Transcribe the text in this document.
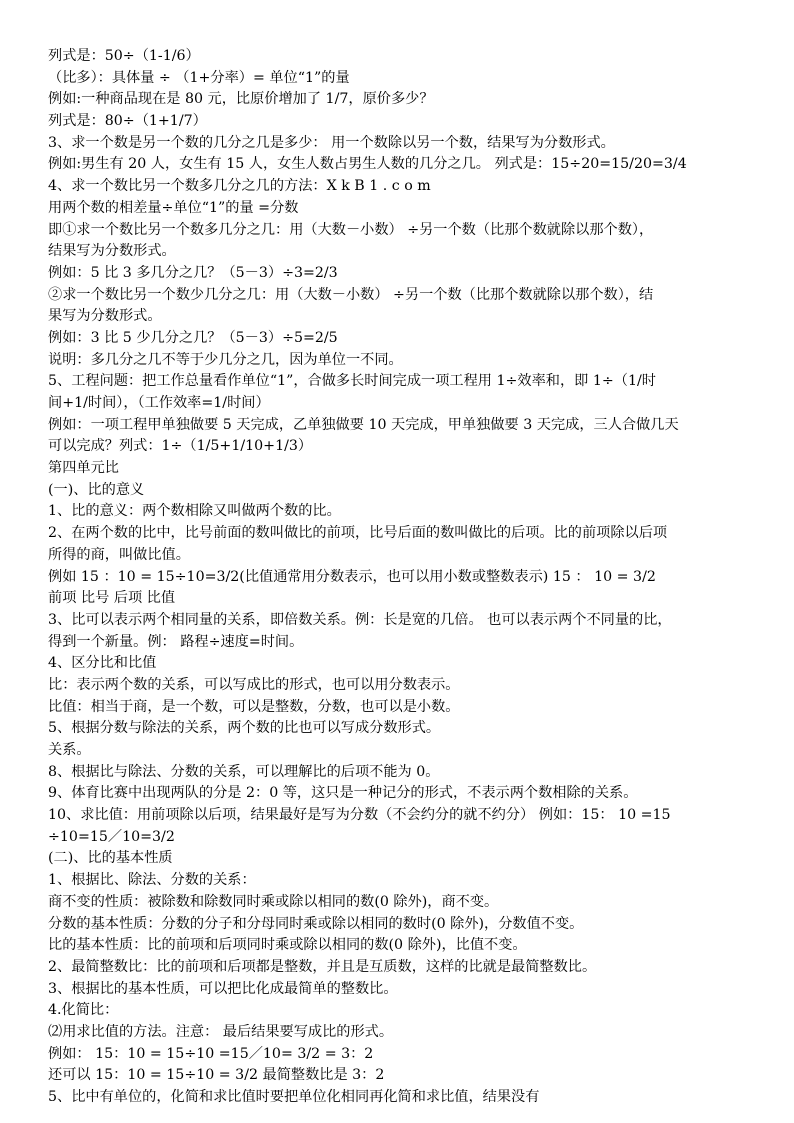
列式是：50÷（1-1/6）

（比多）：具体量 ÷ （1+分率）= 单位“1”的量

例如:一种商品现在是 80 元，比原价增加了 1/7，原价多少？

列式是：80÷（1+1/7）

3、求一个数是另一个数的几分之几是多少： 用一个数除以另一个数，结果写为分数形式。

例如:男生有 20 人，女生有 15 人，女生人数占男生人数的几分之几。 列式是：15÷20=15/20=3/4

4、求一个数比另一个数多几分之几的方法：X k B 1 . c o m

用两个数的相差量÷单位“1”的量 =分数

即①求一个数比另一个数多几分之几：用（大数－小数） ÷另一个数（比那个数就除以那个数），

结果写为分数形式。

例如：5 比 3 多几分之几？（5－3）÷3=2/3

②求一个数比另一个数少几分之几：用（大数－小数） ÷另一个数（比那个数就除以那个数），结

果写为分数形式。

例如：3 比 5 少几分之几？（5－3）÷5=2/5

说明：多几分之几不等于少几分之几，因为单位一不同。

5、工程问题：把工作总量看作单位“1”，合做多长时间完成一项工程用 1÷效率和，即 1÷（1/时

间+1/时间），（工作效率=1/时间）

例如：一项工程甲单独做要 5 天完成，乙单独做要 10 天完成，甲单独做要 3 天完成，三人合做几天

可以完成？列式：1÷（1/5+1/10+1/3）

第四单元比

(一)、比的意义

1、比的意义：两个数相除又叫做两个数的比。

2、在两个数的比中，比号前面的数叫做比的前项，比号后面的数叫做比的后项。比的前项除以后项

所得的商，叫做比值。

例如 15 ：10 = 15÷10=3/2(比值通常用分数表示，也可以用小数或整数表示) 15 ： 10 = 3/2

前项 比号 后项 比值

3、比可以表示两个相同量的关系，即倍数关系。例：长是宽的几倍。 也可以表示两个不同量的比，

得到一个新量。例： 路程÷速度=时间。

4、区分比和比值

比：表示两个数的关系，可以写成比的形式，也可以用分数表示。

比值：相当于商，是一个数，可以是整数，分数，也可以是小数。

5、根据分数与除法的关系，两个数的比也可以写成分数形式。

关系。

8、根据比与除法、分数的关系，可以理解比的后项不能为 0。

9、体育比赛中出现两队的分是 2：0 等，这只是一种记分的形式，不表示两个数相除的关系。

10、求比值：用前项除以后项，结果最好是写为分数（不会约分的就不约分） 例如：15： 10 =15

÷10=15／10=3/2

(二)、比的基本性质

1、根据比、除法、分数的关系：

商不变的性质：被除数和除数同时乘或除以相同的数(0 除外)，商不变。

分数的基本性质：分数的分子和分母同时乘或除以相同的数时(0 除外)，分数值不变。

比的基本性质：比的前项和后项同时乘或除以相同的数(0 除外)，比值不变。

2、最简整数比：比的前项和后项都是整数，并且是互质数，这样的比就是最简整数比。

3、根据比的基本性质，可以把比化成最简单的整数比。

4.化简比：

⑵用求比值的方法。注意： 最后结果要写成比的形式。

例如： 15：10 = 15÷10 =15／10= 3/2 = 3：2

还可以 15：10 = 15÷10 = 3/2 最简整数比是 3：2

5、比中有单位的，化简和求比值时要把单位化相同再化简和求比值，结果没有
